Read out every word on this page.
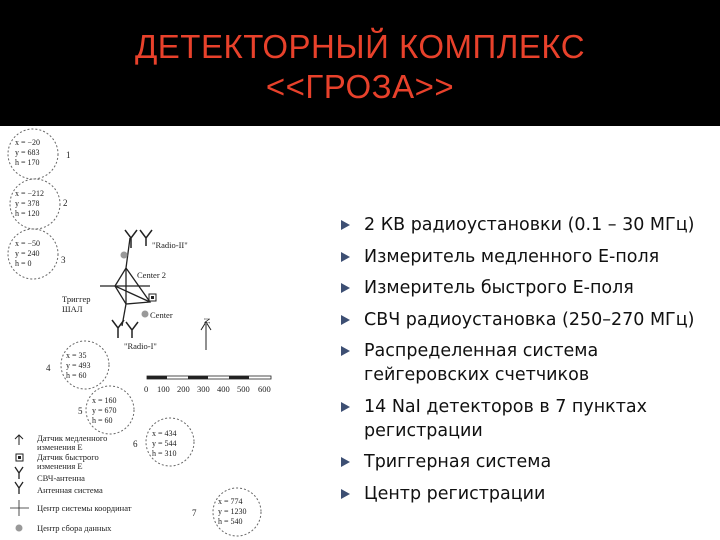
ДЕТЕКТОРНЫЙ КОМПЛЕКС
<<ГРОЗА>>
x = −20
y = 683
h = 170
1
x = −212
y = 378
h = 120
2
x = −50
y = 240
h = 0	3
x = 35
y = 493
h = 60
4
x = 160
y = 670
h = 60
5
x = 434
y = 544
h = 310
6
x = 774
y = 1230
h = 540
7
"Radio-II"
"Radio-I"
Center 2
Center
Триггер
ШАЛ
N
0 100 200 300 400 500 600
Датчик медленного
изменения E
Датчик быстрого
изменения E
СВЧ-антенна
Антенная система
Центр системы координат
Центр сбора данных
2 КВ радиоустановки (0.1 – 30 МГц)
Измеритель медленного E-поля
Измеритель быстрого E-поля
СВЧ радиоустановка (250–270 МГц)
Распределенная система гейгеровских счетчиков
14 NaI детекторов в 7 пунктах регистрации
Триггерная система
Центр регистрации
